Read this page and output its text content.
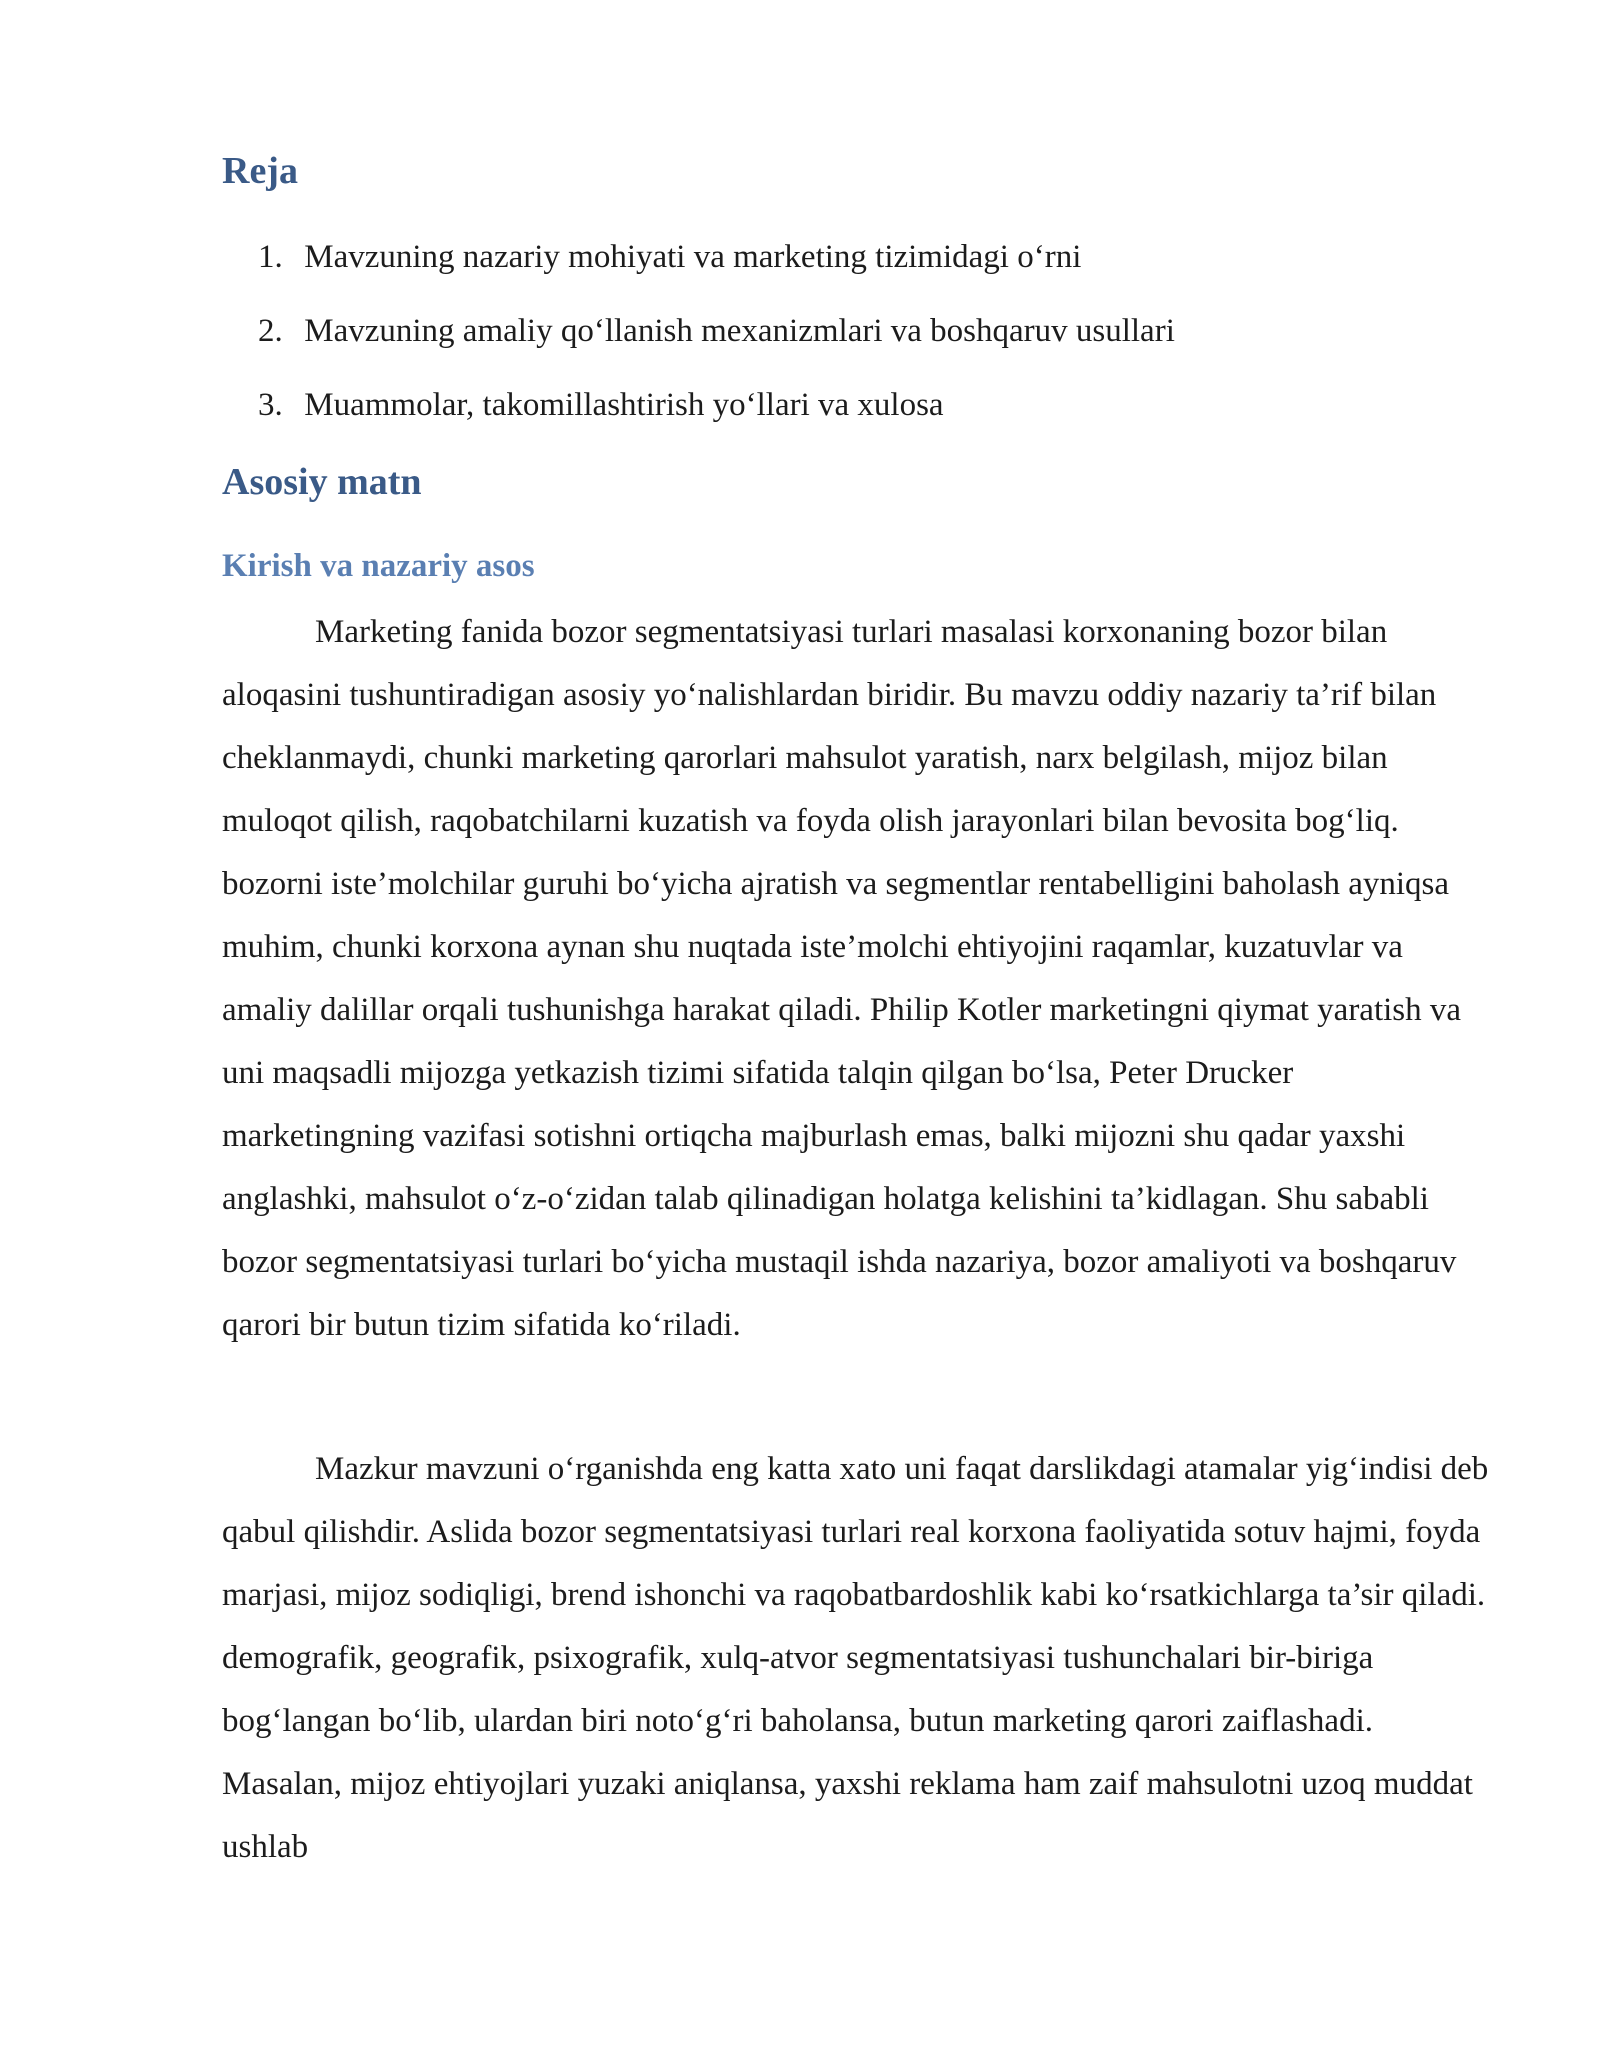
Reja
1. Mavzuning nazariy mohiyati va marketing tizimidagi o‘rni
2. Mavzuning amaliy qo‘llanish mexanizmlari va boshqaruv usullari
3. Muammolar, takomillashtirish yo‘llari va xulosa
Asosiy matn
Kirish va nazariy asos

Marketing fanida bozor segmentatsiyasi turlari masalasi korxonaning bozor bilan aloqasini tushuntiradigan asosiy yo‘nalishlardan biridir. Bu mavzu oddiy nazariy ta’rif bilan cheklanmaydi, chunki marketing qarorlari mahsulot yaratish, narx belgilash, mijoz bilan muloqot qilish, raqobatchilarni kuzatish va foyda olish jarayonlari bilan bevosita bog‘liq. bozorni iste’molchilar guruhi bo‘yicha ajratish va segmentlar rentabelligini baholash ayniqsa muhim, chunki korxona aynan shu nuqtada iste’molchi ehtiyojini raqamlar, kuzatuvlar va amaliy dalillar orqali tushunishga harakat qiladi. Philip Kotler marketingni qiymat yaratish va uni maqsadli mijozga yetkazish tizimi sifatida talqin qilgan bo‘lsa, Peter Drucker marketingning vazifasi sotishni ortiqcha majburlash emas, balki mijozni shu qadar yaxshi anglashki, mahsulot o‘z-o‘zidan talab qilinadigan holatga kelishini ta’kidlagan. Shu sababli bozor segmentatsiyasi turlari bo‘yicha mustaqil ishda nazariya, bozor amaliyoti va boshqaruv qarori bir butun tizim sifatida ko‘riladi.

Mazkur mavzuni o‘rganishda eng katta xato uni faqat darslikdagi atamalar yig‘indisi deb qabul qilishdir. Aslida bozor segmentatsiyasi turlari real korxona faoliyatida sotuv hajmi, foyda marjasi, mijoz sodiqligi, brend ishonchi va raqobatbardoshlik kabi ko‘rsatkichlarga ta’sir qiladi. demografik, geografik, psixografik, xulq-atvor segmentatsiyasi tushunchalari bir-biriga bog‘langan bo‘lib, ulardan biri noto‘g‘ri baholansa, butun marketing qarori zaiflashadi. Masalan, mijoz ehtiyojlari yuzaki aniqlansa, yaxshi reklama ham zaif mahsulotni uzoq muddat ushlab
